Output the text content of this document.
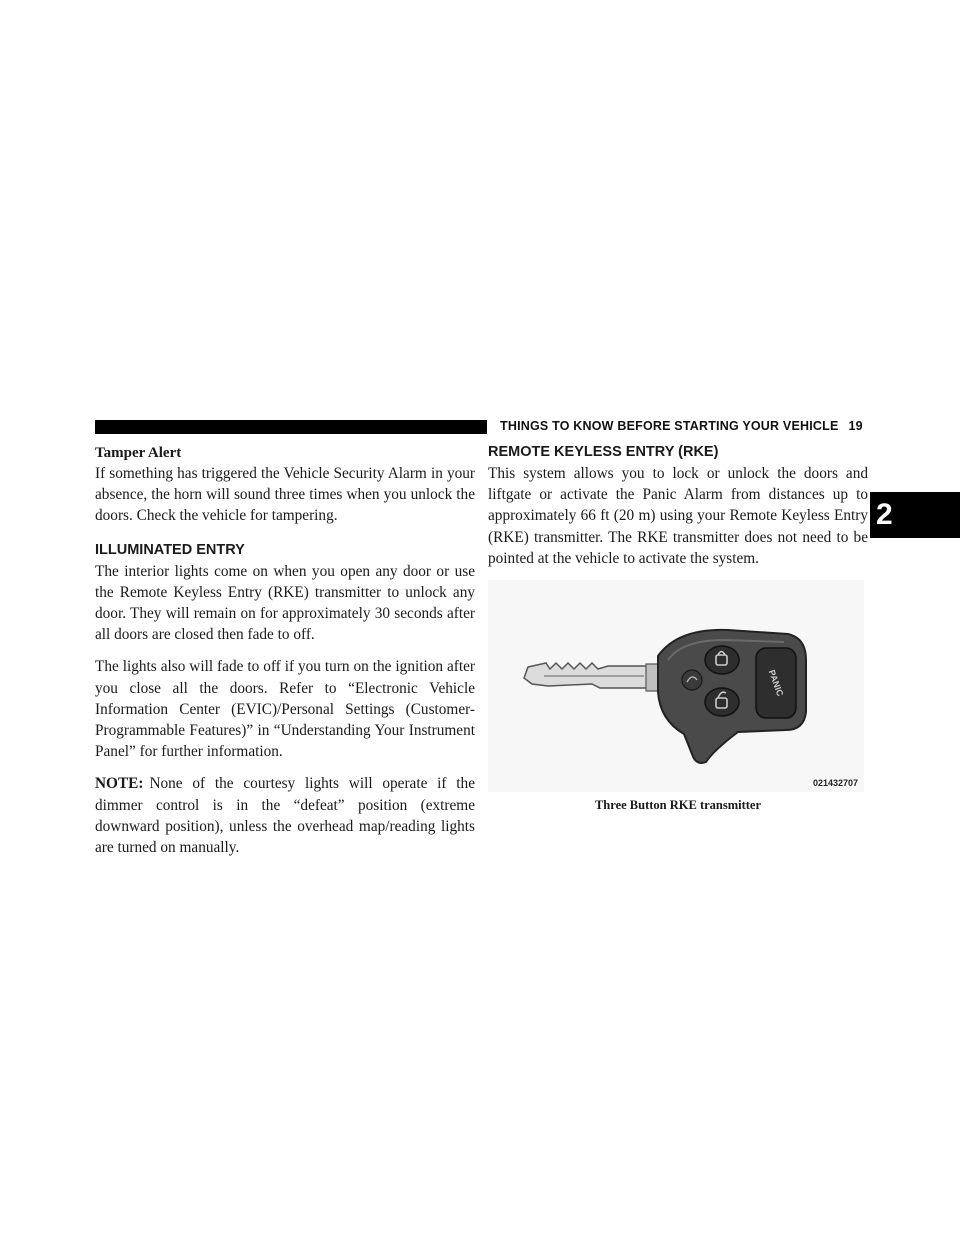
THINGS TO KNOW BEFORE STARTING YOUR VEHICLE 19
2
Tamper Alert

If something has triggered the Vehicle Security Alarm in your absence, the horn will sound three times when you unlock the doors. Check the vehicle for tampering.

ILLUMINATED ENTRY

The interior lights come on when you open any door or use the Remote Keyless Entry (RKE) transmitter to unlock any door. They will remain on for approximately 30 seconds after all doors are closed then fade to off.

The lights also will fade to off if you turn on the ignition after you close all the doors. Refer to “Electronic Vehicle Information Center (EVIC)/Personal Settings (Customer-Programmable Features)” in “Understanding Your Instrument Panel” for further information.

NOTE: None of the courtesy lights will operate if the dimmer control is in the “defeat” position (extreme downward position), unless the overhead map/reading lights are turned on manually.

REMOTE KEYLESS ENTRY (RKE)

This system allows you to lock or unlock the doors and liftgate or activate the Panic Alarm from distances up to approximately 66 ft (20 m) using your Remote Keyless Entry (RKE) transmitter. The RKE transmitter does not need to be pointed at the vehicle to activate the system.

PANIC
021432707
Three Button RKE transmitter
